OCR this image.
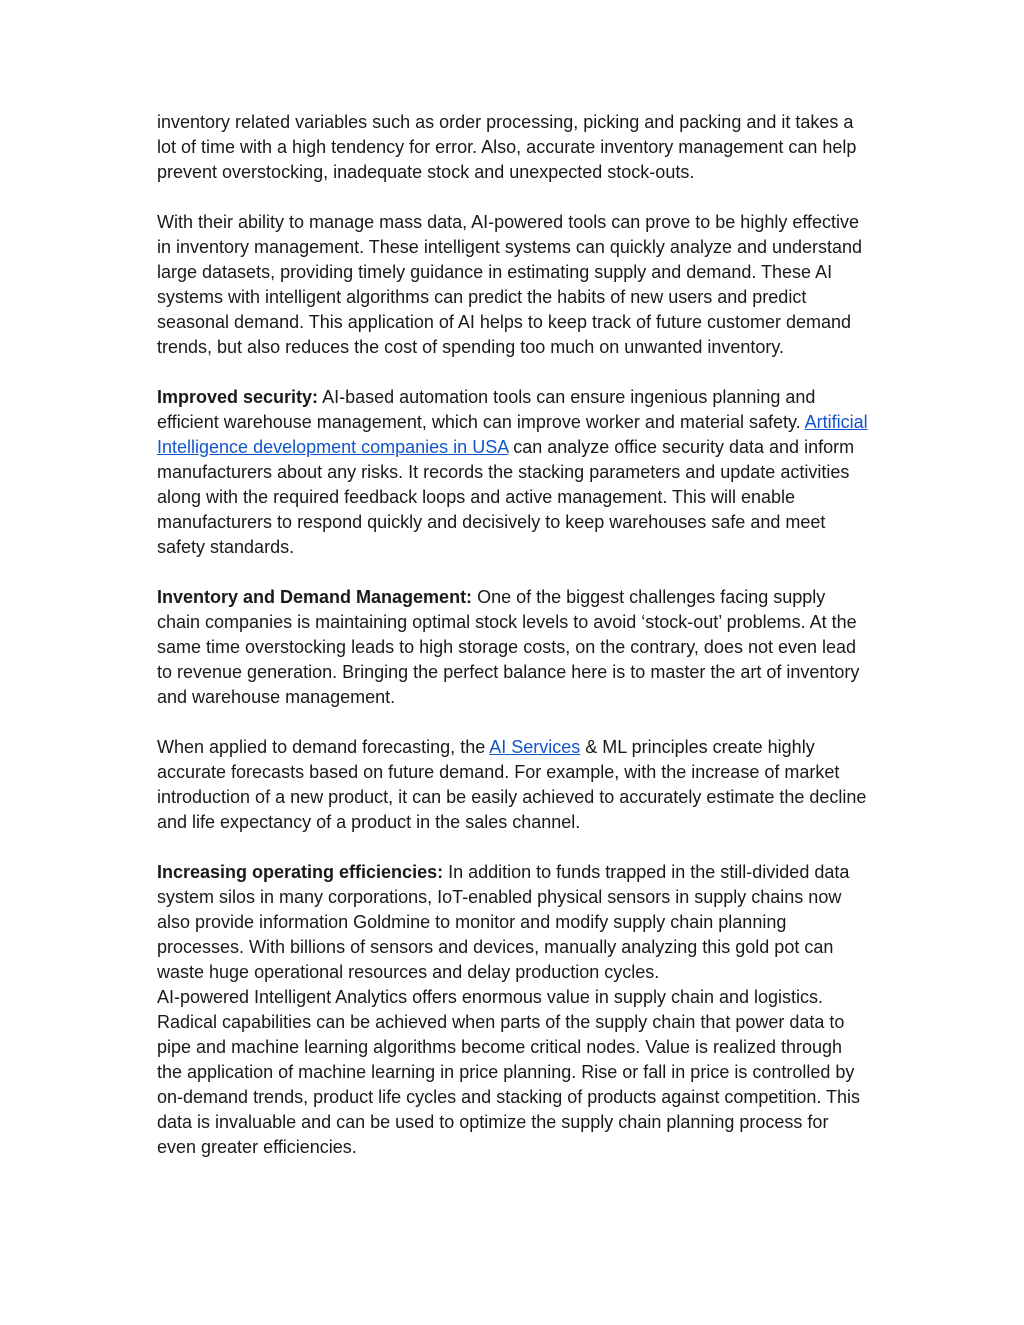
inventory related variables such as order processing, picking and packing and it takes a lot of time with a high tendency for error. Also, accurate inventory management can help prevent overstocking, inadequate stock and unexpected stock-outs.

With their ability to manage mass data, AI-powered tools can prove to be highly effective in inventory management. These intelligent systems can quickly analyze and understand large datasets, providing timely guidance in estimating supply and demand. These AI systems with intelligent algorithms can predict the habits of new users and predict seasonal demand. This application of AI helps to keep track of future customer demand trends, but also reduces the cost of spending too much on unwanted inventory.

Improved security: AI-based automation tools can ensure ingenious planning and efficient warehouse management, which can improve worker and material safety. Artificial Intelligence development companies in USA can analyze office security data and inform manufacturers about any risks. It records the stacking parameters and update activities along with the required feedback loops and active management. This will enable manufacturers to respond quickly and decisively to keep warehouses safe and meet safety standards.

Inventory and Demand Management: One of the biggest challenges facing supply chain companies is maintaining optimal stock levels to avoid ‘stock-out’ problems. At the same time overstocking leads to high storage costs, on the contrary, does not even lead to revenue generation. Bringing the perfect balance here is to master the art of inventory and warehouse management.

When applied to demand forecasting, the AI Services & ML principles create highly accurate forecasts based on future demand. For example, with the increase of market introduction of a new product, it can be easily achieved to accurately estimate the decline and life expectancy of a product in the sales channel.

Increasing operating efficiencies: In addition to funds trapped in the still-divided data system silos in many corporations, IoT-enabled physical sensors in supply chains now also provide information Goldmine to monitor and modify supply chain planning processes. With billions of sensors and devices, manually analyzing this gold pot can waste huge operational resources and delay production cycles.
AI-powered Intelligent Analytics offers enormous value in supply chain and logistics. Radical capabilities can be achieved when parts of the supply chain that power data to pipe and machine learning algorithms become critical nodes. Value is realized through the application of machine learning in price planning. Rise or fall in price is controlled by on-demand trends, product life cycles and stacking of products against competition. This data is invaluable and can be used to optimize the supply chain planning process for even greater efficiencies.
